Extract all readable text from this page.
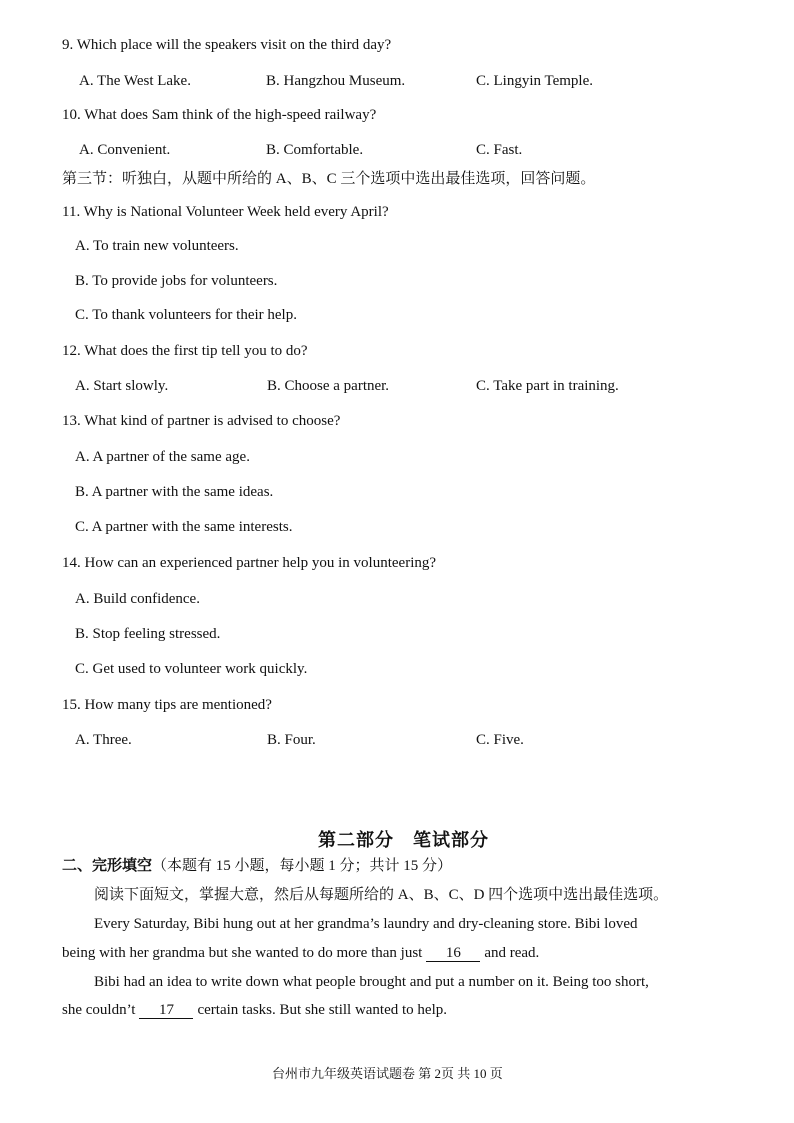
9. Which place will the speakers visit on the third day?
A. The West Lake.	B. Hangzhou Museum.	C. Lingyin Temple.
10. What does Sam think of the high-speed railway?
A. Convenient.	B. Comfortable.	C. Fast.
第三节：听独白，从题中所给的 A、B、C 三个选项中选出最佳选项，回答问题。
11. Why is National Volunteer Week held every April?
A. To train new volunteers.
B. To provide jobs for volunteers.
C. To thank volunteers for their help.
12. What does the first tip tell you to do?
A. Start slowly.	B. Choose a partner.	C. Take part in training.
13. What kind of partner is advised to choose?
A. A partner of the same age.
B. A partner with the same ideas.
C. A partner with the same interests.
14. How can an experienced partner help you in volunteering?
A. Build confidence.
B. Stop feeling stressed.
C. Get used to volunteer work quickly.
15. How many tips are mentioned?
A. Three.	B. Four.	C. Five.
第二部分　笔试部分
二、完形填空（本题有 15 小题，每小题 1 分；共计 15 分）
阅读下面短文，掌握大意，然后从每题所给的 A、B、C、D 四个选项中选出最佳选项。
Every Saturday, Bibi hung out at her grandma’s laundry and dry-cleaning store. Bibi loved
being with her grandma but she wanted to do more than just 16 and read.
Bibi had an idea to write down what people brought and put a number on it. Being too short,
she couldn’t 17 certain tasks. But she still wanted to help.
台州市九年级英语试题卷 第 2页 共 10 页
